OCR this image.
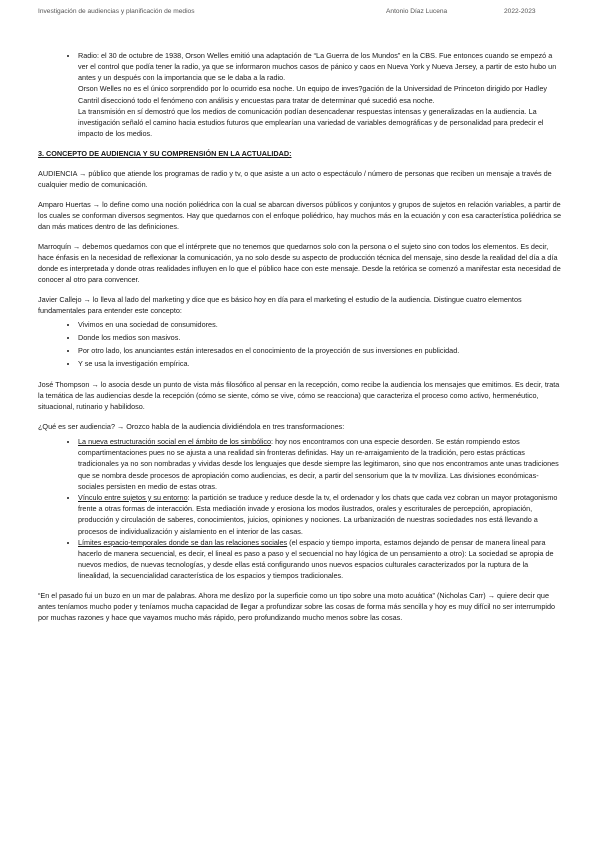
Investigación de audiencias y planificación de medios	Antonio Díaz Lucena	2022-2023

• Radio: el 30 de octubre de 1938, Orson Welles emitió una adaptación de “La Guerra de los Mundos” en la CBS. Fue entonces cuando se empezó a ver el control que podía tener la radio, ya que se informaron muchos casos de pánico y caos en Nueva York y Nueva Jersey, a partir de esto hubo un antes y un después con la importancia que se le daba a la radio.

Orson Welles no es el único sorprendido por lo ocurrido esa noche. Un equipo de inves?gación de la Universidad de Princeton dirigido por Hadley Cantril diseccionó todo el fenómeno con análisis y encuestas para tratar de determinar qué sucedió esa noche.

La transmisión en sí demostró que los medios de comunicación podían desencadenar respuestas intensas y generalizadas en la audiencia. La investigación señaló el camino hacia estudios futuros que emplearían una variedad de variables demográficas y de personalidad para predecir el impacto de los medios.

3. CONCEPTO DE AUDIENCIA Y SU COMPRENSIÓN EN LA ACTUALIDAD:

AUDIENCIA → público que atiende los programas de radio y tv, o que asiste a un acto o espectáculo / número de personas que reciben un mensaje a través de cualquier medio de comunicación.

Amparo Huertas → lo define como una noción poliédrica con la cual se abarcan diversos públicos y conjuntos y grupos de sujetos en relación variables, a partir de los cuales se conforman diversos segmentos. Hay que quedarnos con el enfoque poliédrico, hay muchos más en la ecuación y con esa característica poliédrica se dan más matices dentro de las definiciones.

Marroquín → debemos quedarnos con que el intérprete que no tenemos que quedarnos solo con la persona o el sujeto sino con todos los elementos. Es decir, hace énfasis en la necesidad de reflexionar la comunicación, ya no solo desde su aspecto de producción técnica del mensaje, sino desde la realidad del día a día donde es interpretada y donde otras realidades influyen en lo que el público hace con este mensaje. Desde la retórica se comenzó a manifestar esta necesidad de conocer al otro para convencer.

Javier Callejo → lo lleva al lado del marketing y dice que es básico hoy en día para el marketing el estudio de la audiencia. Distingue cuatro elementos fundamentales para entender este concepto:

• Vivimos en una sociedad de consumidores.
• Donde los medios son masivos.
• Por otro lado, los anunciantes están interesados en el conocimiento de la proyección de sus inversiones en publicidad.
• Y se usa la investigación empírica.

José Thompson → lo asocia desde un punto de vista más filosófico al pensar en la recepción, como recibe la audiencia los mensajes que emitimos. Es decir, trata la temática de las audiencias desde la recepción (cómo se siente, cómo se vive, cómo se reacciona) que caracteriza el proceso como activo, hermenéutico, situacional, rutinario y habilidoso.

¿Qué es ser audiencia? → Orozco habla de la audiencia dividiéndola en tres transformaciones:

• La nueva estructuración social en el ámbito de los simbólico: hoy nos encontramos con una especie desorden. Se están rompiendo estos compartimentaciones pues no se ajusta a una realidad sin fronteras definidas. Hay un re-arraigamiento de la tradición, pero estas prácticas tradicionales ya no son nombradas y vividas desde los lenguajes que desde siempre las legitimaron, sino que nos encontramos ante unas tradiciones que se nombra desde procesos de apropiación como audiencias, es decir, a partir del sensorium que la tv moviliza. Las divisiones económicas-sociales persisten en medio de estas otras.
• Vínculo entre sujetos y su entorno: la partición se traduce y reduce desde la tv, el ordenador y los chats que cada vez cobran un mayor protagonismo frente a otras formas de interacción. Esta mediación invade y erosiona los modos ilustrados, orales y escriturales de percepción, apropiación, producción y circulación de saberes, conocimientos, juicios, opiniones y nociones. La urbanización de nuestras sociedades nos está llevando a procesos de individualización y aislamiento en el interior de las casas.
• Límites espacio-temporales donde se dan las relaciones sociales (el espacio y tiempo importa, estamos dejando de pensar de manera lineal para hacerlo de manera secuencial, es decir, el lineal es paso a paso y el secuencial no hay lógica de un pensamiento a otro): La sociedad se apropia de nuevos medios, de nuevas tecnologías, y desde ellas está configurando unos nuevos espacios culturales caracterizados por la ruptura de la linealidad, la secuencialidad característica de los espacios y tiempos tradicionales.

“En el pasado fui un buzo en un mar de palabras. Ahora me deslizo por la superficie como un tipo sobre una moto acuática” (Nicholas Carr) → quiere decir que antes teníamos mucho poder y teníamos mucha capacidad de llegar a profundizar sobre las cosas de forma más sencilla y hoy es muy difícil no ser interrumpido por muchas razones y hace que vayamos mucho más rápido, pero profundizando mucho menos sobre las cosas.
